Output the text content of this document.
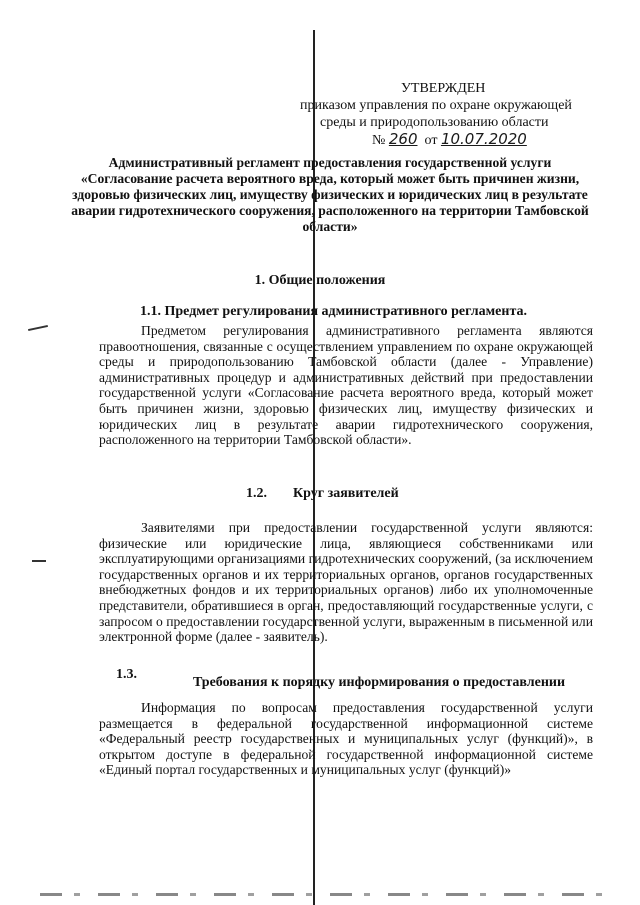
УТВЕРЖДЕН
приказом управления по охране окружающей
среды и природопользованию области
№ 260 от 10.07.2020
Административный регламент предоставления государственной услуги «Согласование расчета вероятного вреда, который может быть причинен жизни, здоровью физических лиц, имуществу физических и юридических лиц в результате аварии гидротехнического сооружения, расположенного на территории Тамбовской области»
1. Общие положения
1.1. Предмет регулирования административного регламента.
Предметом регулирования административного регламента являются правоотношения, связанные с осуществлением управлением по охране окружающей среды и природопользованию Тамбовской области (далее - Управление) административных процедур и административных действий при предоставлении государственной услуги «Согласование расчета вероятного вреда, который может быть причинен жизни, здоровью физических лиц, имуществу физических и юридических лиц в результате аварии гидротехнического сооружения, расположенного на территории Тамбовской области».
1.2. Круг заявителей
Заявителями при предоставлении государственной услуги являются: физические или юридические лица, являющиеся собственниками или эксплуатирующими организациями гидротехнических сооружений, (за исключением государственных органов и их территориальных органов, органов государственных внебюджетных фондов и их территориальных органов) либо их уполномоченные представители, обратившиеся в орган, предоставляющий государственные услуги, с запросом о предоставлении государственной услуги, выраженным в письменной или электронной форме (далее - заявитель).
1.3.
Требования к порядку информирования о предоставлении
Информация по вопросам предоставления государственной услуги размещается в федеральной государственной информационной системе «Федеральный реестр государственных и муниципальных услуг (функций)», в открытом доступе в федеральной государственной информационной системе «Единый портал государственных и муниципальных услуг (функций)»
